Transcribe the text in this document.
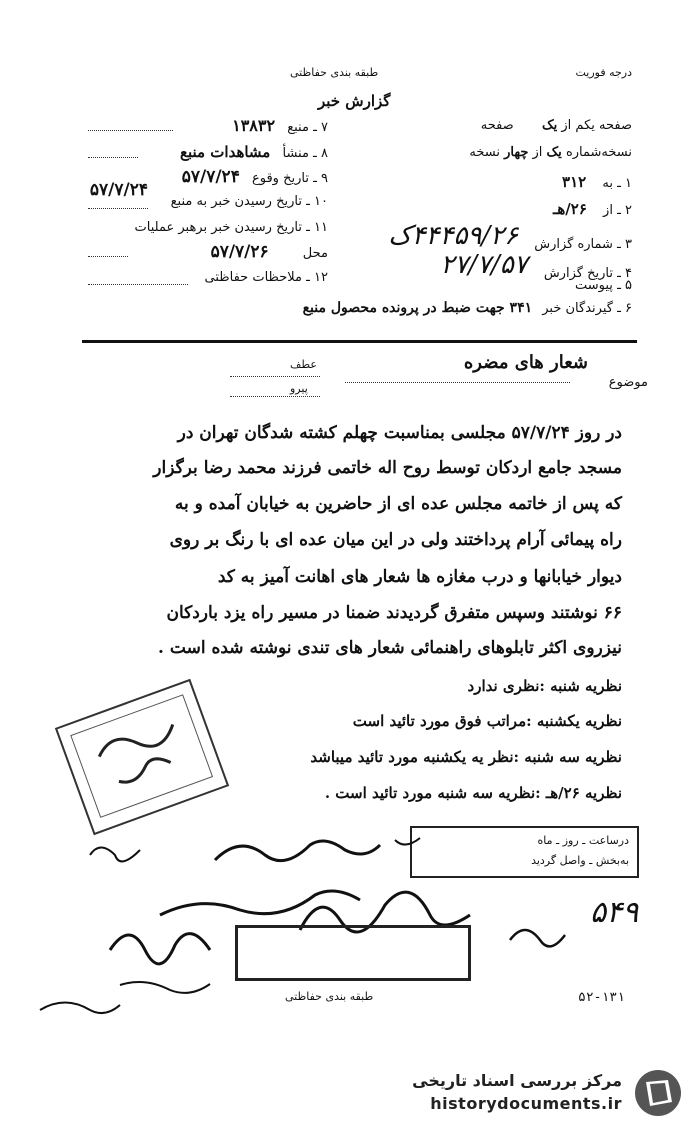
درجه فوریت
طبقه بندی حفاظتی
گزارش خبر
صفحه یکم از یک  صفحه
نسخه‌شماره یک از چهار نسخه
۱ ـ به ۳۱۲
۲ ـ از ۲۶/هـ
۳ ـ شماره گزارش ۴۴۴۵۹/۲۶ک
۴ ـ تاریخ گزارش ۲۷/۷/۵۷
۵ ـ پیوست
۶ ـ گیرندگان خبر ۳۴۱ جهت ضبط در پرونده محصول منبع
۷ ـ منبع ۱۳۸۳۲
۸ ـ منشأ مشاهدات منبع
۹ ـ تاریخ وقوع ۵۷/۷/۲۴
۵۷/۷/۲۴
۱۰ ـ تاریخ رسیدن خبر به منبع
۱۱ ـ تاریخ رسیدن خبر برهبر عملیات
محل ۵۷/۷/۲۶
۱۲ ـ ملاحظات حفاظتی
موضوع
شعار های مضره
عطف
پیرو
در روز ۵۷/۷/۲۴ مجلسی بمناسبت چهلم کشته شدگان تهران در
مسجد جامع اردکان توسط روح اله خاتمی فرزند محمد رضا برگزار
که پس از خاتمه مجلس عده ای از حاضرین به خیابان آمده و به
راه پیمائی آرام پرداختند ولی در این میان عده ای با رنگ بر روی
دیوار خیابانها و درب مغازه ها شعار های اهانت آمیز به کد
۶۶ نوشتند وسپس متفرق گردیدند ضمنا در مسیر راه یزد باردکان
نیزروی اکثر تابلوهای راهنمائی شعار های تندی نوشته شده است .
نظریه شنبه :نظری ندارد
نظریه یکشنبه :مراتب فوق مورد تائید است
نظریه سه شنبه :نظر یه یکشنبه مورد تائید میباشد
نظریه ۲۶/هـ :نظریه سه شنبه مورد تائید است .
درساعت ـ روز ـ ماه
به‌بخش ـ واصل گردید
۵۴۹
طبقه بندی حفاظتی	۵۲-۱۳۱
مرکز بررسی اسناد تاریخی
historydocuments.ir
